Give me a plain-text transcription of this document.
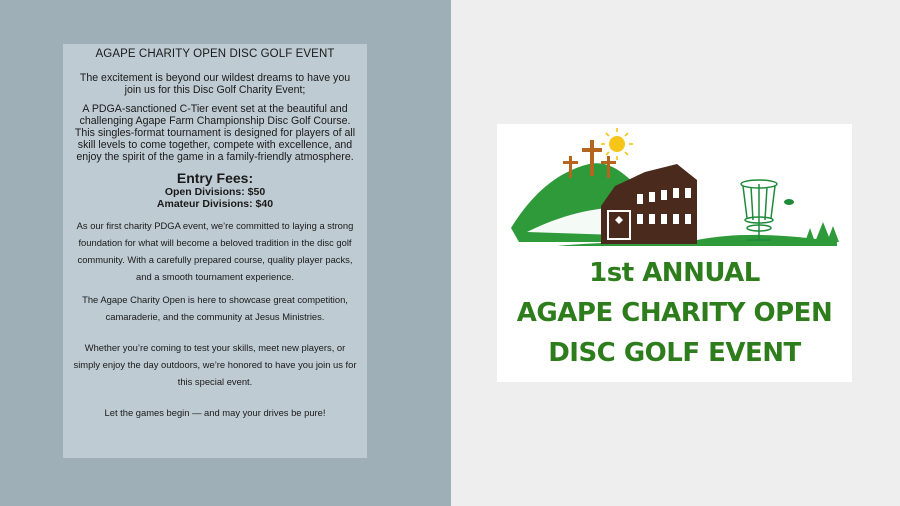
AGAPE CHARITY OPEN DISC GOLF EVENT

The excitement is beyond our wildest dreams to have you join us for this Disc Golf Charity Event;

A PDGA-sanctioned C-Tier event set at the beautiful and challenging Agape Farm Championship Disc Golf Course. This singles-format tournament is designed for players of all skill levels to come together, compete with excellence, and enjoy the spirit of the game in a family-friendly atmosphere.

Entry Fees:

Open Divisions: $50

Amateur Divisions: $40

As our first charity PDGA event, we’re committed to laying a strong foundation for what will become a beloved tradition in the disc golf community. With a carefully prepared course, quality player packs, and a smooth tournament experience.

The Agape Charity Open is here to showcase great competition, camaraderie, and the community at Jesus Ministries.

Whether you’re coming to test your skills, meet new players, or simply enjoy the day outdoors, we’re honored to have you join us for this special event.

Let the games begin — and may your drives be pure!

1st ANNUAL
AGAPE CHARITY OPEN
DISC GOLF EVENT
